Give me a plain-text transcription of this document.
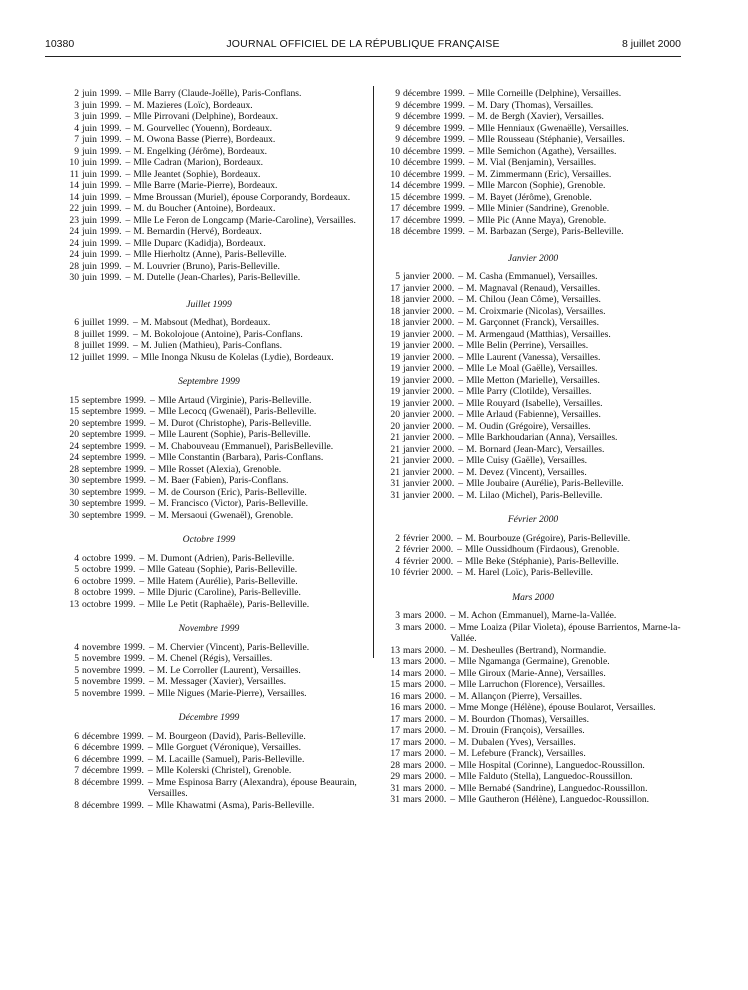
10380	JOURNAL OFFICIEL DE LA RÉPUBLIQUE FRANÇAISE	8 juillet 2000
2 juin 1999. – Mlle Barry (Claude-Joëlle), Paris-Conflans.
3 juin 1999. – M. Mazieres (Loïc), Bordeaux.
3 juin 1999. – Mlle Pirrovani (Delphine), Bordeaux.
4 juin 1999. – M. Gourvellec (Youenn), Bordeaux.
7 juin 1999. – M. Owona Basse (Pierre), Bordeaux.
9 juin 1999. – M. Engelking (Jérôme), Bordeaux.
10 juin 1999. – Mlle Cadran (Marion), Bordeaux.
11 juin 1999. – Mlle Jeantet (Sophie), Bordeaux.
14 juin 1999. – Mlle Barre (Marie-Pierre), Bordeaux.
14 juin 1999. – Mme Broussan (Muriel), épouse Corporandy, Bordeaux.
22 juin 1999. – M. du Boucher (Antoine), Bordeaux.
23 juin 1999. – Mlle Le Feron de Longcamp (Marie-Caroline), Versailles.
24 juin 1999. – M. Bernardin (Hervé), Bordeaux.
24 juin 1999. – Mlle Duparc (Kadidja), Bordeaux.
24 juin 1999. – Mlle Hierholtz (Anne), Paris-Belleville.
28 juin 1999. – M. Louvrier (Bruno), Paris-Belleville.
30 juin 1999. – M. Dutelle (Jean-Charles), Paris-Belleville.

Juillet 1999

6 juillet 1999. – M. Mabsout (Medhat), Bordeaux.
8 juillet 1999. – M. Bokolojoue (Antoine), Paris-Conflans.
8 juillet 1999. – M. Julien (Mathieu), Paris-Conflans.
12 juillet 1999. – Mlle Inonga Nkusu de Kolelas (Lydie), Bordeaux.

Septembre 1999

15 septembre 1999. – Mlle Artaud (Virginie), Paris-Belleville.
15 septembre 1999. – Mlle Lecocq (Gwenaël), Paris-Belleville.
20 septembre 1999. – M. Durot (Christophe), Paris-Belleville.
20 septembre 1999. – Mlle Laurent (Sophie), Paris-Belleville.
24 septembre 1999. – M. Chabouveau (Emmanuel), ParisBelleville.
24 septembre 1999. – Mlle Constantin (Barbara), Paris-Conflans.
28 septembre 1999. – Mlle Rosset (Alexia), Grenoble.
30 septembre 1999. – M. Baer (Fabien), Paris-Conflans.
30 septembre 1999. – M. de Courson (Eric), Paris-Belleville.
30 septembre 1999. – M. Francisco (Victor), Paris-Belleville.
30 septembre 1999. – M. Mersaoui (Gwenaël), Grenoble.

Octobre 1999

4 octobre 1999. – M. Dumont (Adrien), Paris-Belleville.
5 octobre 1999. – Mlle Gateau (Sophie), Paris-Belleville.
6 octobre 1999. – Mlle Hatem (Aurélie), Paris-Belleville.
8 octobre 1999. – Mlle Djuric (Caroline), Paris-Belleville.
13 octobre 1999. – Mlle Le Petit (Raphaële), Paris-Belleville.

Novembre 1999

4 novembre 1999. – M. Chervier (Vincent), Paris-Belleville.
5 novembre 1999. – M. Chenel (Régis), Versailles.
5 novembre 1999. – M. Le Corroller (Laurent), Versailles.
5 novembre 1999. – M. Messager (Xavier), Versailles.
5 novembre 1999. – Mlle Nigues (Marie-Pierre), Versailles.

Décembre 1999

6 décembre 1999. – M. Bourgeon (David), Paris-Belleville.
6 décembre 1999. – Mlle Gorguet (Véronique), Versailles.
6 décembre 1999. – M. Lacaille (Samuel), Paris-Belleville.
7 décembre 1999. – Mlle Kolerski (Christel), Grenoble.
8 décembre 1999. – Mme Espinosa Barry (Alexandra), épouse Beaurain, Versailles.
8 décembre 1999. – Mlle Khawatmi (Asma), Paris-Belleville.
9 décembre 1999. – Mlle Corneille (Delphine), Versailles.
9 décembre 1999. – M. Dary (Thomas), Versailles.
9 décembre 1999. – M. de Bergh (Xavier), Versailles.
9 décembre 1999. – Mlle Henniaux (Gwenaëlle), Versailles.
9 décembre 1999. – Mlle Rousseau (Stéphanie), Versailles.
10 décembre 1999. – Mlle Semichon (Agathe), Versailles.
10 décembre 1999. – M. Vial (Benjamin), Versailles.
10 décembre 1999. – M. Zimmermann (Eric), Versailles.
14 décembre 1999. – Mlle Marcon (Sophie), Grenoble.
15 décembre 1999. – M. Bayet (Jérôme), Grenoble.
17 décembre 1999. – Mlle Minier (Sandrine), Grenoble.
17 décembre 1999. – Mlle Pic (Anne Maya), Grenoble.
18 décembre 1999. – M. Barbazan (Serge), Paris-Belleville.

Janvier 2000

5 janvier 2000. – M. Casha (Emmanuel), Versailles.
17 janvier 2000. – M. Magnaval (Renaud), Versailles.
18 janvier 2000. – M. Chilou (Jean Côme), Versailles.
18 janvier 2000. – M. Croixmarie (Nicolas), Versailles.
18 janvier 2000. – M. Garçonnet (Franck), Versailles.
19 janvier 2000. – M. Armengaud (Matthias), Versailles.
19 janvier 2000. – Mlle Belin (Perrine), Versailles.
19 janvier 2000. – Mlle Laurent (Vanessa), Versailles.
19 janvier 2000. – Mlle Le Moal (Gaëlle), Versailles.
19 janvier 2000. – Mlle Metton (Marielle), Versailles.
19 janvier 2000. – Mlle Parry (Clotilde), Versailles.
19 janvier 2000. – Mlle Rouyard (Isabelle), Versailles.
20 janvier 2000. – Mlle Arlaud (Fabienne), Versailles.
20 janvier 2000. – M. Oudin (Grégoire), Versailles.
21 janvier 2000. – Mlle Barkhoudarian (Anna), Versailles.
21 janvier 2000. – M. Bornard (Jean-Marc), Versailles.
21 janvier 2000. – Mlle Cuisy (Gaëlle), Versailles.
21 janvier 2000. – M. Devez (Vincent), Versailles.
31 janvier 2000. – Mlle Joubaire (Aurélie), Paris-Belleville.
31 janvier 2000. – M. Lilao (Michel), Paris-Belleville.

Février 2000

2 février 2000. – M. Bourbouze (Grégoire), Paris-Belleville.
2 février 2000. – Mlle Oussidhoum (Firdaous), Grenoble.
4 février 2000. – Mlle Beke (Stéphanie), Paris-Belleville.
10 février 2000. – M. Harel (Loïc), Paris-Belleville.

Mars 2000

3 mars 2000. – M. Achon (Emmanuel), Marne-la-Vallée.
3 mars 2000. – Mme Loaiza (Pilar Violeta), épouse Barrientos, Marne-la-Vallée.
13 mars 2000. – M. Desheulles (Bertrand), Normandie.
13 mars 2000. – Mlle Ngamanga (Germaine), Grenoble.
14 mars 2000. – Mlle Giroux (Marie-Anne), Versailles.
15 mars 2000. – Mlle Larruchon (Florence), Versailles.
16 mars 2000. – M. Allançon (Pierre), Versailles.
16 mars 2000. – Mme Monge (Hélène), épouse Boularot, Versailles.
17 mars 2000. – M. Bourdon (Thomas), Versailles.
17 mars 2000. – M. Drouin (François), Versailles.
17 mars 2000. – M. Dubalen (Yves), Versailles.
17 mars 2000. – M. Lefebure (Franck), Versailles.
28 mars 2000. – Mlle Hospital (Corinne), Languedoc-Roussillon.
29 mars 2000. – Mlle Falduto (Stella), Languedoc-Roussillon.
31 mars 2000. – Mlle Bernabé (Sandrine), Languedoc-Roussillon.
31 mars 2000. – Mlle Gautheron (Hélène), Languedoc-Roussillon.
